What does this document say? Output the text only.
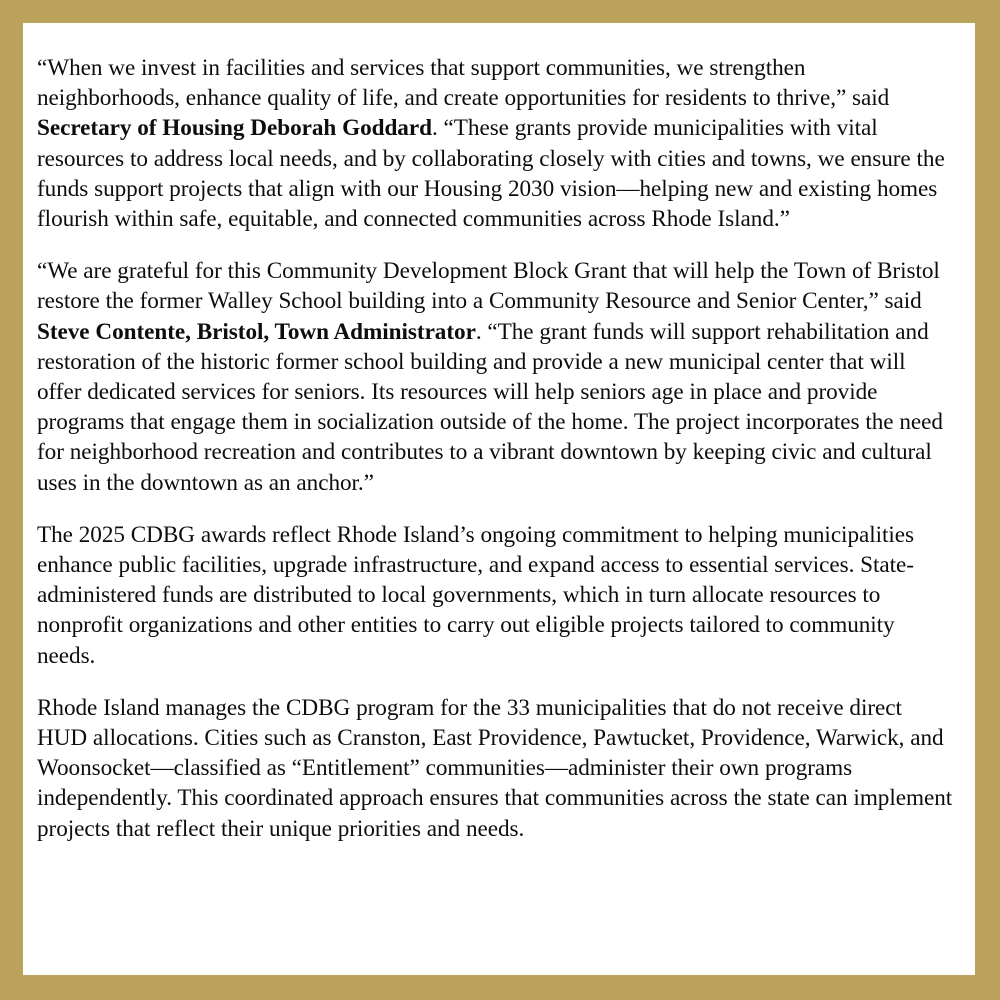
“When we invest in facilities and services that support communities, we strengthen neighborhoods, enhance quality of life, and create opportunities for residents to thrive,” said Secretary of Housing Deborah Goddard. “These grants provide municipalities with vital resources to address local needs, and by collaborating closely with cities and towns, we ensure the funds support projects that align with our Housing 2030 vision—helping new and existing homes flourish within safe, equitable, and connected communities across Rhode Island.”

“We are grateful for this Community Development Block Grant that will help the Town of Bristol restore the former Walley School building into a Community Resource and Senior Center,” said Steve Contente, Bristol, Town Administrator. “The grant funds will support rehabilitation and restoration of the historic former school building and provide a new municipal center that will offer dedicated services for seniors. Its resources will help seniors age in place and provide programs that engage them in socialization outside of the home. The project incorporates the need for neighborhood recreation and contributes to a vibrant downtown by keeping civic and cultural uses in the downtown as an anchor.”

The 2025 CDBG awards reflect Rhode Island’s ongoing commitment to helping municipalities enhance public facilities, upgrade infrastructure, and expand access to essential services. State-administered funds are distributed to local governments, which in turn allocate resources to nonprofit organizations and other entities to carry out eligible projects tailored to community needs.

Rhode Island manages the CDBG program for the 33 municipalities that do not receive direct HUD allocations. Cities such as Cranston, East Providence, Pawtucket, Providence, Warwick, and Woonsocket—classified as “Entitlement” communities—administer their own programs independently. This coordinated approach ensures that communities across the state can implement projects that reflect their unique priorities and needs.
